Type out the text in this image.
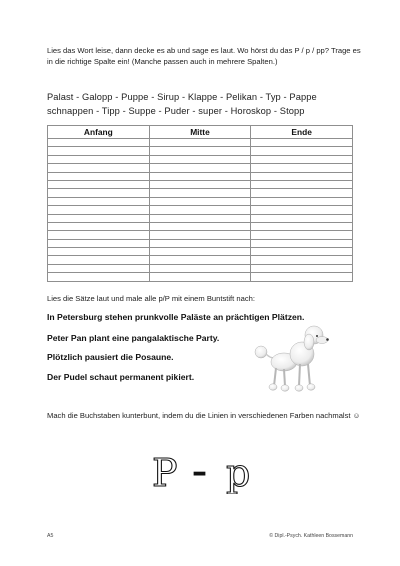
Lies das Wort leise, dann decke es ab und sage es laut. Wo hörst du das P / p / pp? Trage es in die richtige Spalte ein! (Manche passen auch in mehrere Spalten.)
Palast - Galopp - Puppe - Sirup - Klappe - Pelikan - Typ - Pappe
schnappen - Tipp - Suppe - Puder - super - Horoskop - Stopp
Anfang	Mitte	Ende

Lies die Sätze laut und male alle p/P mit einem Buntstift nach:
In Petersburg stehen prunkvolle Paläste an prächtigen Plätzen.
Peter Pan plant eine pangalaktische Party.
Plötzlich pausiert die Posaune.
Der Pudel schaut permanent pikiert.
Mach die Buchstaben kunterbunt, indem du die Linien in verschiedenen Farben nachmalst ☺
P – p
A5	© Dipl.-Psych. Kathleen Bossemann
